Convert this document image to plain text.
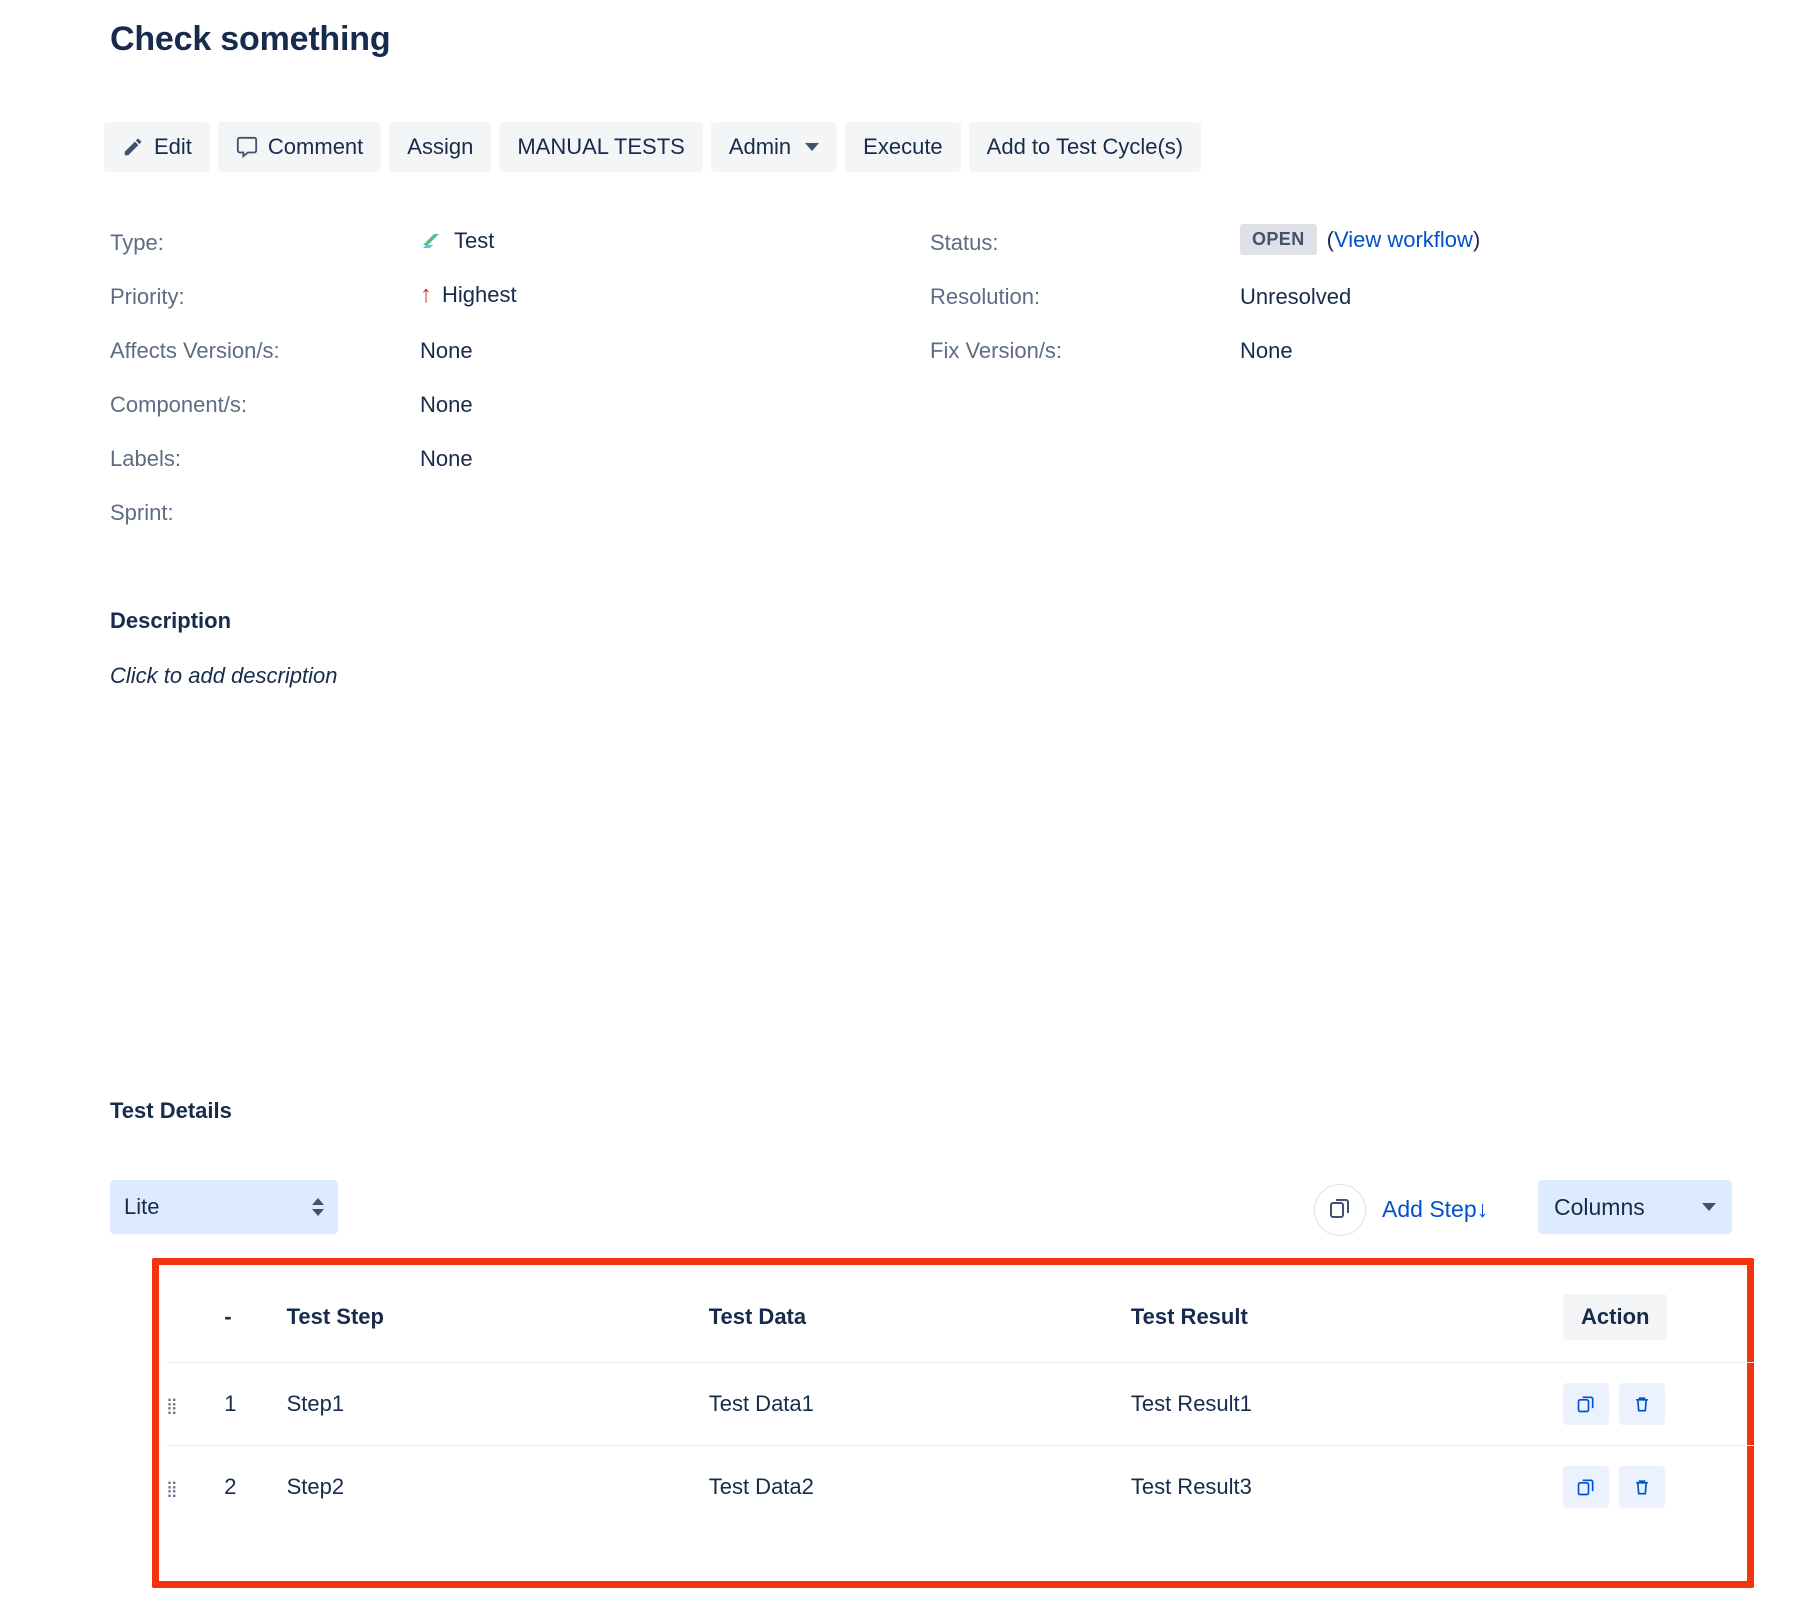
Check something
Edit	Comment Assign MANUAL TESTS Admin	Execute Add to Test Cycle(s)
Type:	Test
Priority:	↑ Highest
Affects Version/s:	None
Component/s:	None
Labels:	None
Sprint:
Status:	OPEN	(View workflow)
Resolution:	Unresolved
Fix Version/s:	None
Description
Click to add description
Test Details
Lite	Add Step↓	Columns
	-	Test Step	Test Data	Test Result	Action
⣿	1	Step1	Test Data1	Test Result1	

⣿	2	Step2	Test Data2	Test Result3	
